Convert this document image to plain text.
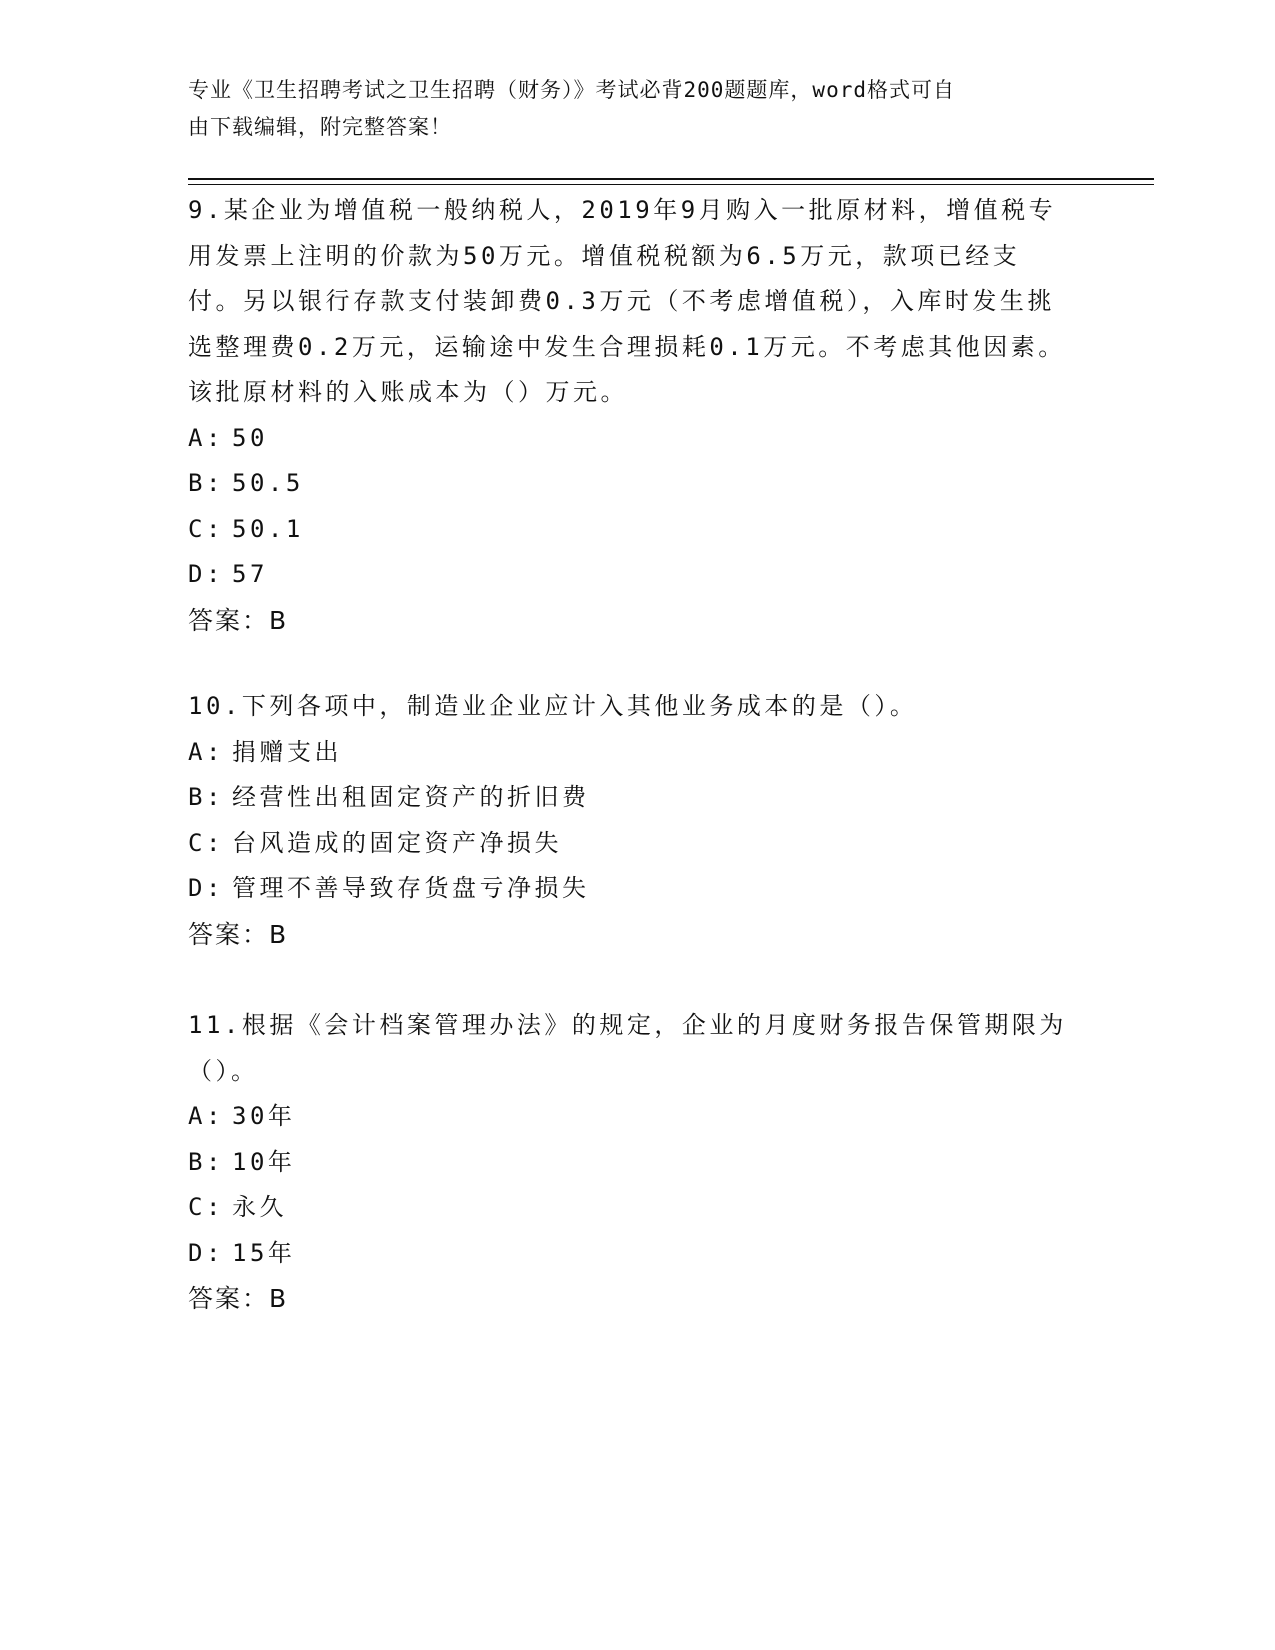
专业《卫生招聘考试之卫生招聘（财务）》考试必背200题题库，word格式可自
由下载编辑，附完整答案！

9.某企业为增值税一般纳税人，2019年9月购入一批原材料，增值税专用发票上注明的价款为50万元。增值税税额为6.5万元，款项已经支付。另以银行存款支付装卸费0.3万元（不考虑增值税），入库时发生挑选整理费0.2万元，运输途中发生合理损耗0.1万元。不考虑其他因素。该批原材料的入账成本为（）万元。

A: 50

B: 50.5

C: 50.1

D: 57

答案：B

10.下列各项中，制造业企业应计入其他业务成本的是（）。

A: 捐赠支出

B: 经营性出租固定资产的折旧费

C: 台风造成的固定资产净损失

D: 管理不善导致存货盘亏净损失

答案：B

11.根据《会计档案管理办法》的规定，企业的月度财务报告保管期限为（）。

A: 30年

B: 10年

C: 永久

D: 15年

答案：B
